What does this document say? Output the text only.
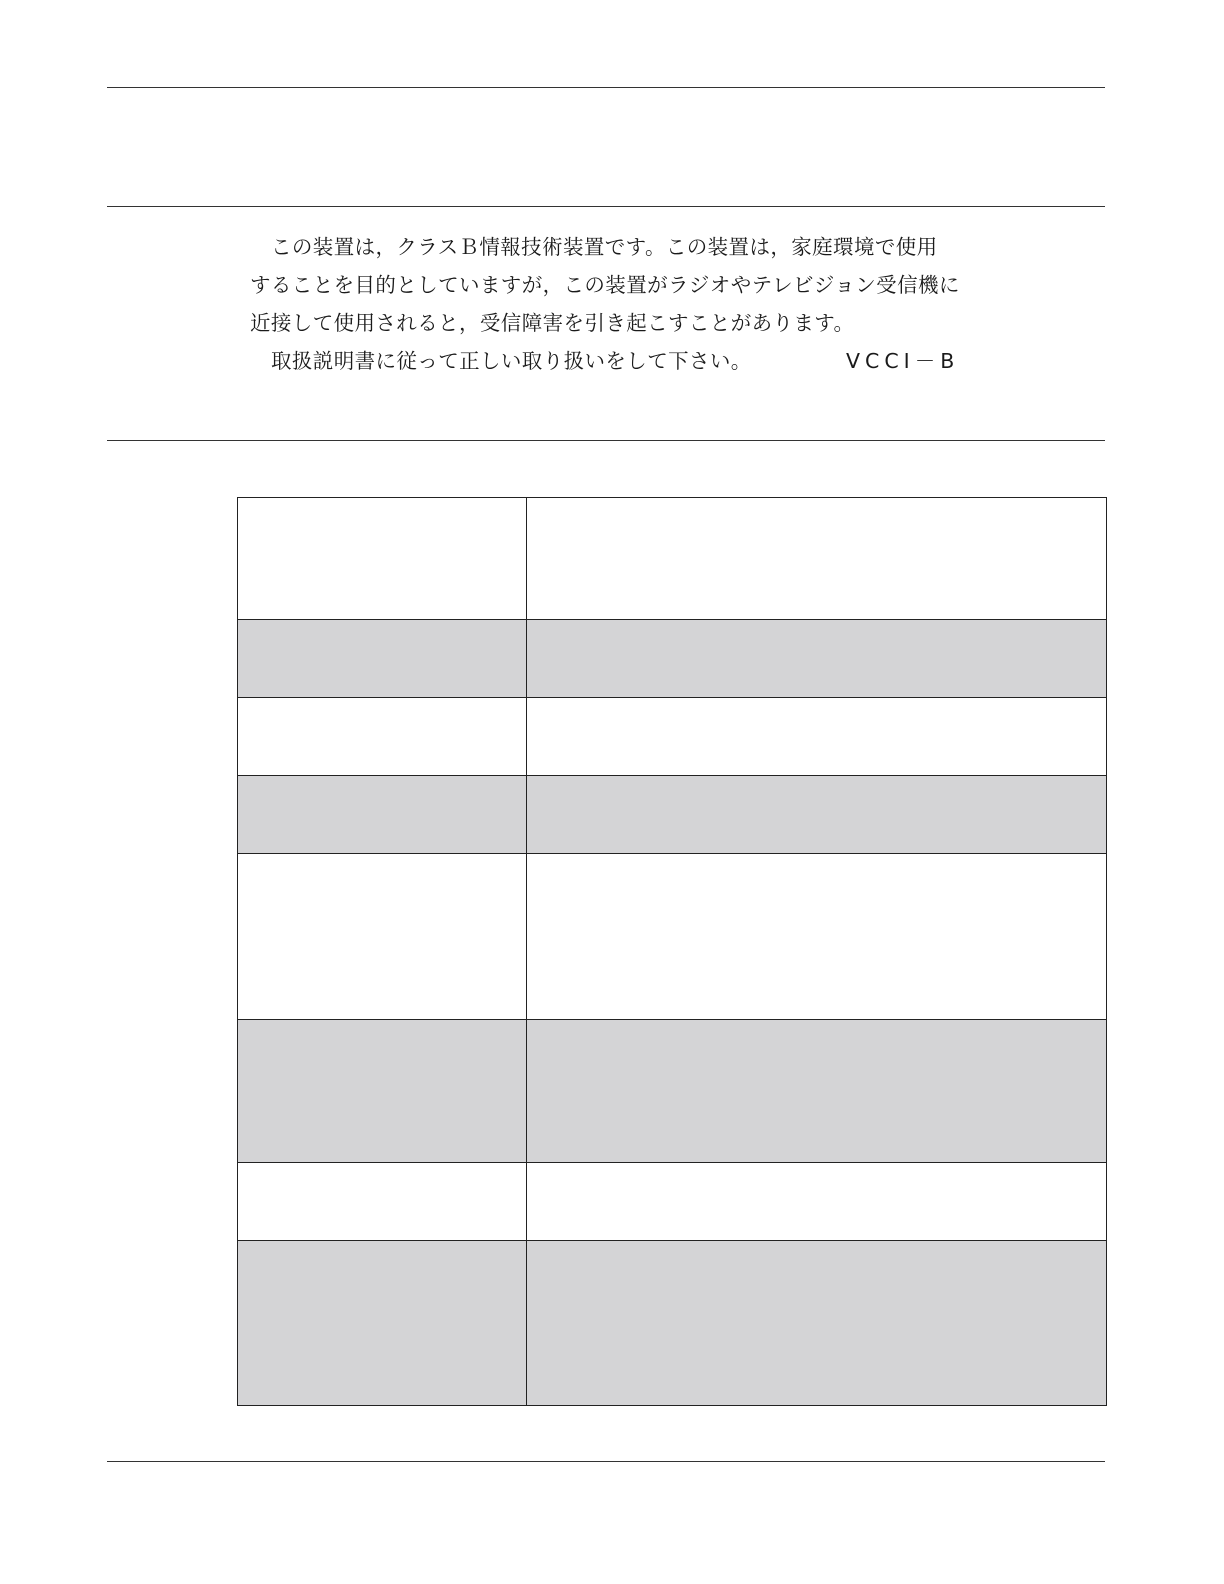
この装置は，クラスＢ情報技術装置です。この装置は，家庭環境で使用
することを目的としていますが，この装置がラジオやテレビジョン受信機に
近接して使用されると，受信障害を引き起こすことがあります。
取扱説明書に従って正しい取り扱いをして下さい。	VCCI－B
